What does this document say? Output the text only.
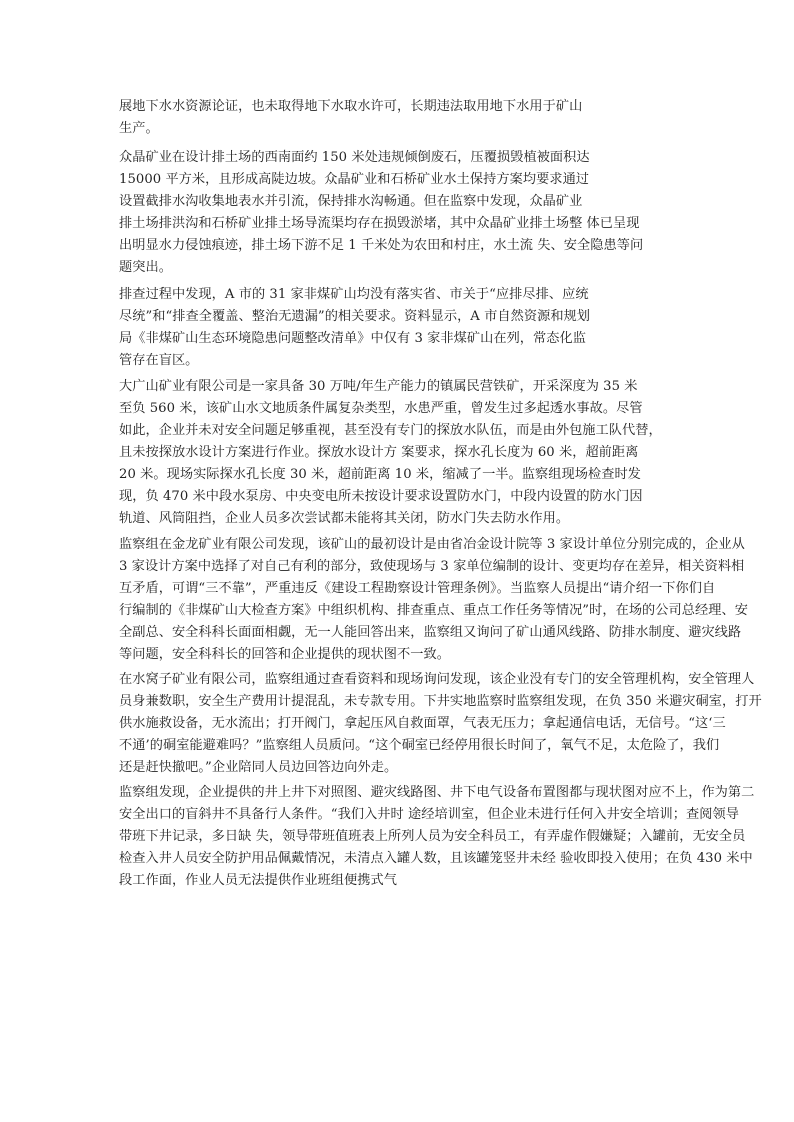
展地下水水资源论证，也未取得地下水取水许可，长期违法取用地下水用于矿山
生产。
众晶矿业在设计排土场的西南面约 150 米处违规倾倒废石，压覆损毁植被面积达
15000 平方米，且形成高陡边坡。众晶矿业和石桥矿业水土保持方案均要求通过
设置截排水沟收集地表水并引流，保持排水沟畅通。但在监察中发现，众晶矿业
排土场排洪沟和石桥矿业排土场导流渠均存在损毁淤堵，其中众晶矿业排土场整 体已呈现
出明显水力侵蚀痕迹，排土场下游不足 1 千米处为农田和村庄，水土流 失、安全隐患等问
题突出。
排查过程中发现，A 市的 31 家非煤矿山均没有落实省、市关于“应排尽排、应统
尽统”和“排查全覆盖、整治无遗漏”的相关要求。资料显示，A 市自然资源和规划
局《非煤矿山生态环境隐患问题整改清单》中仅有 3 家非煤矿山在列，常态化监
管存在盲区。
大广山矿业有限公司是一家具备 30 万吨/年生产能力的镇属民营铁矿，开采深度为 35 米
至负 560 米，该矿山水文地质条件属复杂类型，水患严重，曾发生过多起透水事故。尽管
如此，企业并未对安全问题足够重视，甚至没有专门的探放水队伍，而是由外包施工队代替，
且未按探放水设计方案进行作业。探放水设计方 案要求，探水孔长度为 60 米，超前距离
20 米。现场实际探水孔长度 30 米，超前距离 10 米，缩减了一半。监察组现场检查时发
现，负 470 米中段水泵房、中央变电所未按设计要求设置防水门，中段内设置的防水门因
轨道、风筒阻挡，企业人员多次尝试都未能将其关闭，防水门失去防水作用。
监察组在金龙矿业有限公司发现，该矿山的最初设计是由省冶金设计院等 3 家设计单位分别完成的，企业从
3 家设计方案中选择了对自己有利的部分，致使现场与 3 家单位编制的设计、变更均存在差异，相关资料相
互矛盾，可谓“三不靠”，严重违反《建设工程勘察设计管理条例》。当监察人员提出“请介绍一下你们自
行编制的《非煤矿山大检查方案》中组织机构、排查重点、重点工作任务等情况”时，在场的公司总经理、安
全副总、安全科科长面面相觑，无一人能回答出来，监察组又询问了矿山通风线路、防排水制度、避灾线路
等问题，安全科科长的回答和企业提供的现状图不一致。
在水窝子矿业有限公司，监察组通过查看资料和现场询问发现，该企业没有专门的安全管理机构，安全管理人
员身兼数职，安全生产费用计提混乱，未专款专用。下井实地监察时监察组发现，在负 350 米避灾硐室，打开
供水施救设备，无水流出；打开阀门，拿起压风自救面罩，气表无压力；拿起通信电话，无信号。“这‘三
不通’的硐室能避难吗？”监察组人员质问。“这个硐室已经停用很长时间了，氧气不足，太危险了，我们
还是赶快撤吧。”企业陪同人员边回答边向外走。
监察组发现，企业提供的井上井下对照图、避灾线路图、井下电气设备布置图都与现状图对应不上，作为第二
安全出口的盲斜井不具备行人条件。“我们入井时 途经培训室，但企业未进行任何入井安全培训；查阅领导
带班下井记录，多日缺 失，领导带班值班表上所列人员为安全科员工，有弄虚作假嫌疑；入罐前，无安全员
检查入井人员安全防护用品佩戴情况，未清点入罐人数，且该罐笼竖井未经 验收即投入使用；在负 430 米中
段工作面，作业人员无法提供作业班组便携式气
